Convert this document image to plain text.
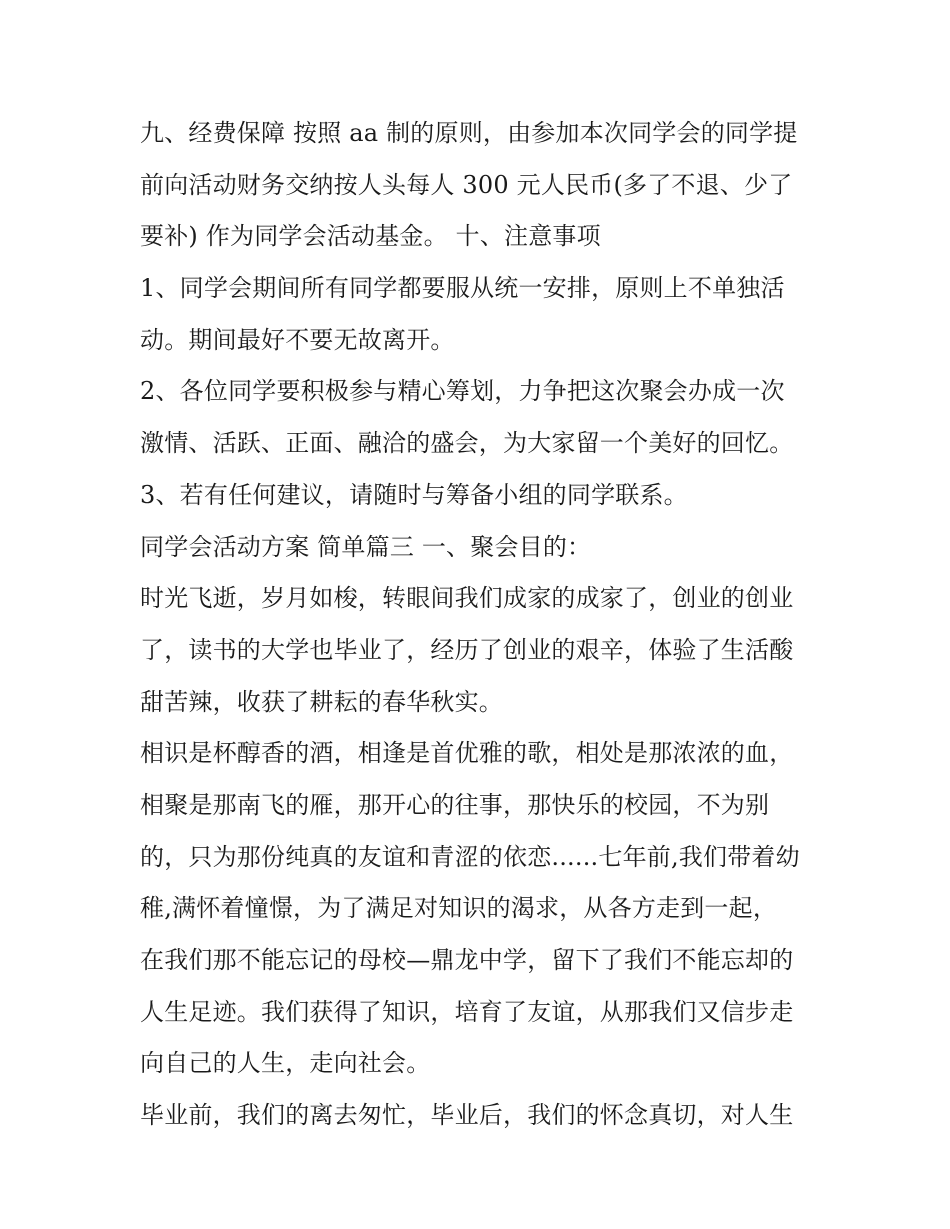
九、经费保障 按照 aa 制的原则，由参加本次同学会的同学提
前向活动财务交纳按人头每人 300 元人民币(多了不退、少了
要补) 作为同学会活动基金。 十、注意事项
1、同学会期间所有同学都要服从统一安排，原则上不单独活
动。期间最好不要无故离开。
2、各位同学要积极参与精心筹划，力争把这次聚会办成一次
激情、活跃、正面、融洽的盛会，为大家留一个美好的回忆。
3、若有任何建议，请随时与筹备小组的同学联系。
同学会活动方案 简单篇三 一、聚会目的：
时光飞逝，岁月如梭，转眼间我们成家的成家了，创业的创业
了，读书的大学也毕业了，经历了创业的艰辛，体验了生活酸
甜苦辣，收获了耕耘的春华秋实。
相识是杯醇香的酒，相逢是首优雅的歌，相处是那浓浓的血，
相聚是那南飞的雁，那开心的往事，那快乐的校园，不为别
的，只为那份纯真的友谊和青涩的依恋......七年前,我们带着幼
稚,满怀着憧憬，为了满足对知识的渴求，从各方走到一起，
在我们那不能忘记的母校—鼎龙中学，留下了我们不能忘却的
人生足迹。我们获得了知识，培育了友谊，从那我们又信步走
向自己的人生，走向社会。
毕业前，我们的离去匆忙，毕业后，我们的怀念真切，对人生
